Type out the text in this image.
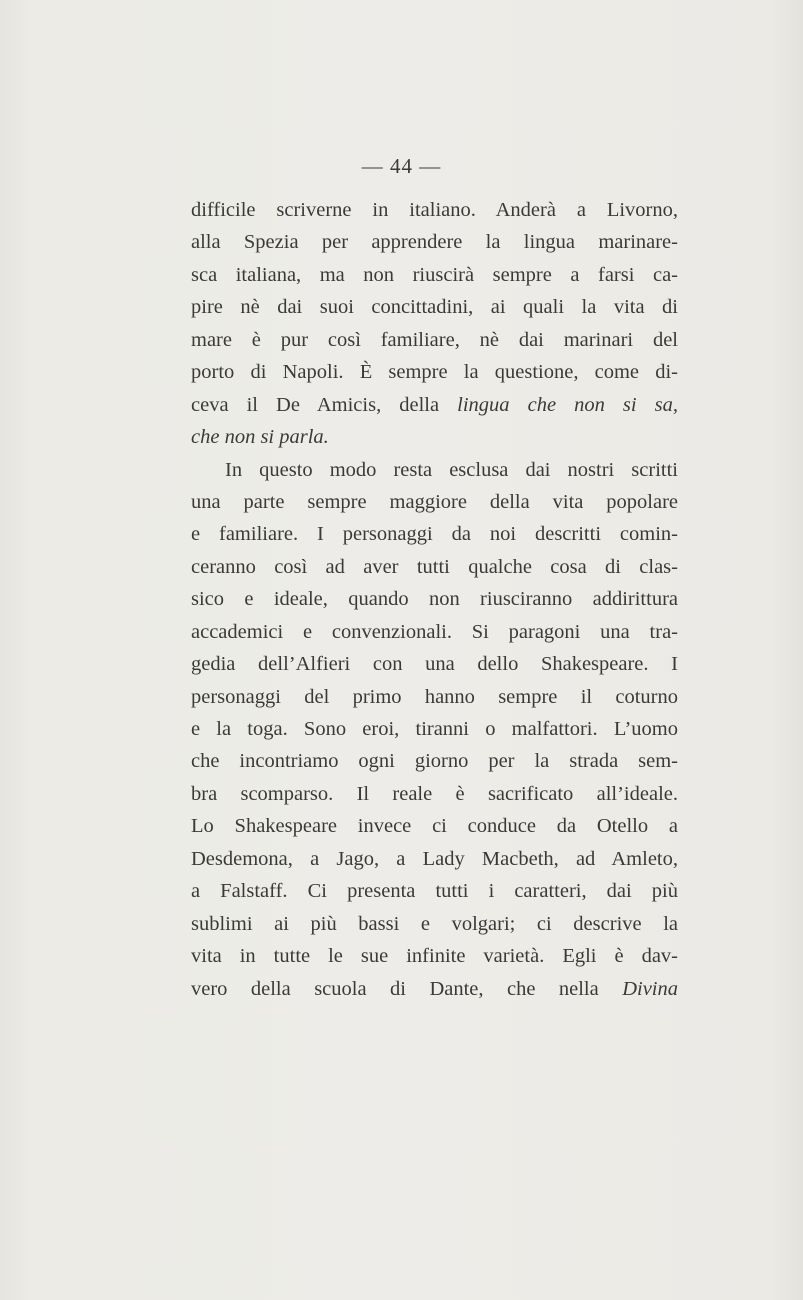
— 44 —
difficile scriverne in italiano. Anderà a Livorno,
alla Spezia per apprendere la lingua marinare-
sca italiana, ma non riuscirà sempre a farsi ca-
pire nè dai suoi concittadini, ai quali la vita di
mare è pur così familiare, nè dai marinari del
porto di Napoli. È sempre la questione, come di-
ceva il De Amicis, della lingua che non si sa,
che non si parla.
In questo modo resta esclusa dai nostri scritti
una parte sempre maggiore della vita popolare
e familiare. I personaggi da noi descritti comin-
ceranno così ad aver tutti qualche cosa di clas-
sico e ideale, quando non riusciranno addirittura
accademici e convenzionali. Si paragoni una tra-
gedia dell’Alfieri con una dello Shakespeare. I
personaggi del primo hanno sempre il coturno
e la toga. Sono eroi, tiranni o malfattori. L’uomo
che incontriamo ogni giorno per la strada sem-
bra scomparso. Il reale è sacrificato all’ideale.
Lo Shakespeare invece ci conduce da Otello a
Desdemona, a Jago, a Lady Macbeth, ad Amleto,
a Falstaff. Ci presenta tutti i caratteri, dai più
sublimi ai più bassi e volgari; ci descrive la
vita in tutte le sue infinite varietà. Egli è dav-
vero della scuola di Dante, che nella Divina
